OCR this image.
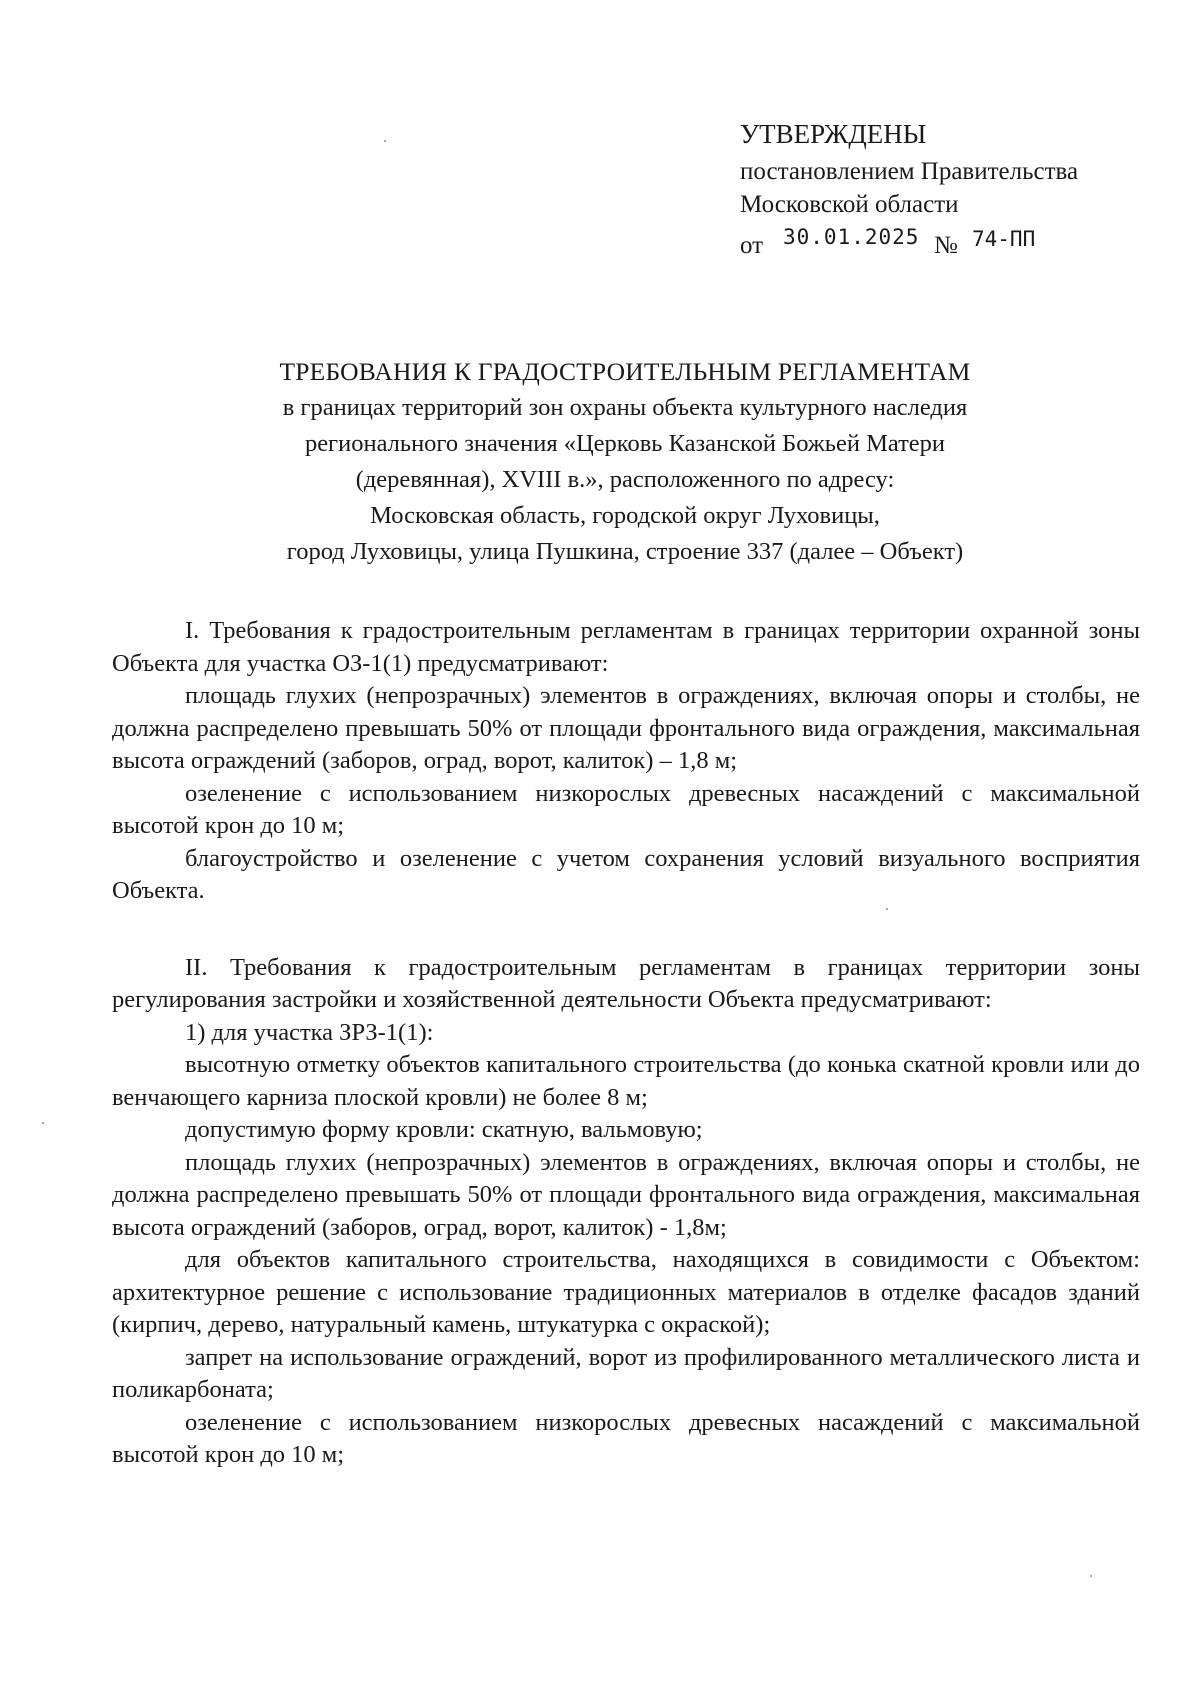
УТВЕРЖДЕНЫ
постановлением Правительства
Московской области
от 30.01.2025 № 74-ПП
ТРЕБОВАНИЯ К ГРАДОСТРОИТЕЛЬНЫМ РЕГЛАМЕНТАМ
в границах территорий зон охраны объекта культурного наследия
регионального значения «Церковь Казанской Божьей Матери
(деревянная), XVIII в.», расположенного по адресу:
Московская область, городской округ Луховицы,
город Луховицы, улица Пушкина, строение 337 (далее – Объект)

I. Требования к градостроительным регламентам в границах территории охранной зоны Объекта для участка ОЗ-1(1) предусматривают:

площадь глухих (непрозрачных) элементов в ограждениях, включая опоры и столбы, не должна распределено превышать 50% от площади фронтального вида ограждения, максимальная высота ограждений (заборов, оград, ворот, калиток) – 1,8 м;

озеленение с использованием низкорослых древесных насаждений с максимальной высотой крон до 10 м;

благоустройство и озеленение с учетом сохранения условий визуального восприятия Объекта.

II. Требования к градостроительным регламентам в границах территории зоны регулирования застройки и хозяйственной деятельности Объекта предусматривают:

1) для участка ЗРЗ-1(1):

высотную отметку объектов капитального строительства (до конька скатной кровли или до венчающего карниза плоской кровли) не более 8 м;

допустимую форму кровли: скатную, вальмовую;

площадь глухих (непрозрачных) элементов в ограждениях, включая опоры и столбы, не должна распределено превышать 50% от площади фронтального вида ограждения, максимальная высота ограждений (заборов, оград, ворот, калиток) - 1,8м;

для объектов капитального строительства, находящихся в совидимости с Объектом: архитектурное решение с использование традиционных материалов в отделке фасадов зданий (кирпич, дерево, натуральный камень, штукатурка с окраской);

запрет на использование ограждений, ворот из профилированного металлического листа и поликарбоната;

озеленение с использованием низкорослых древесных насаждений с максимальной высотой крон до 10 м;
